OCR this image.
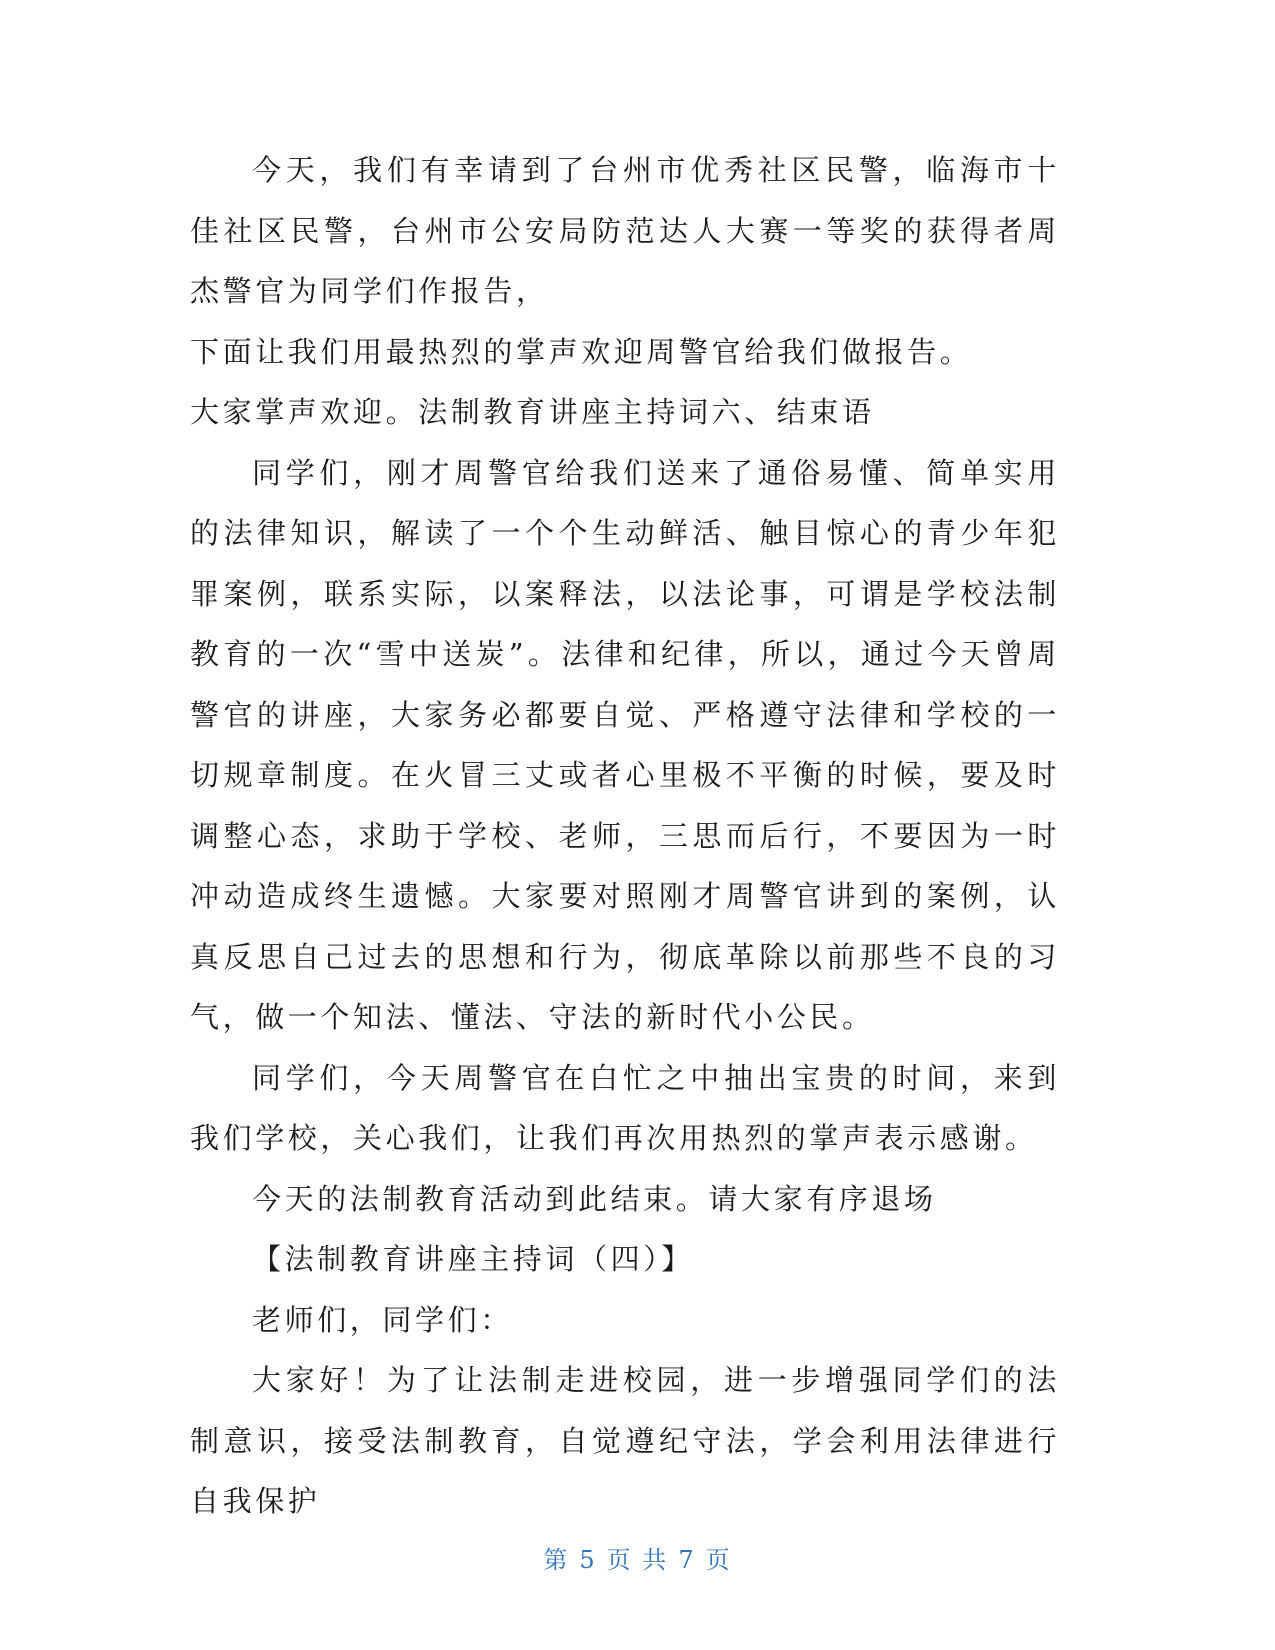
今天，我们有幸请到了台州市优秀社区民警，临海市十佳社区民警，台州市公安局防范达人大赛一等奖的获得者周杰警官为同学们作报告，

下面让我们用最热烈的掌声欢迎周警官给我们做报告。

大家掌声欢迎。法制教育讲座主持词六、结束语

同学们，刚才周警官给我们送来了通俗易懂、简单实用的法律知识，解读了一个个生动鲜活、触目惊心的青少年犯罪案例，联系实际，以案释法，以法论事，可谓是学校法制教育的一次“雪中送炭”。法律和纪律，所以，通过今天曾周警官的讲座，大家务必都要自觉、严格遵守法律和学校的一切规章制度。在火冒三丈或者心里极不平衡的时候，要及时调整心态，求助于学校、老师，三思而后行，不要因为一时冲动造成终生遗憾。大家要对照刚才周警官讲到的案例，认真反思自己过去的思想和行为，彻底革除以前那些不良的习气，做一个知法、懂法、守法的新时代小公民。

同学们，今天周警官在白忙之中抽出宝贵的时间，来到我们学校，关心我们，让我们再次用热烈的掌声表示感谢。

今天的法制教育活动到此结束。请大家有序退场

【法制教育讲座主持词（四）】

老师们，同学们：

大家好！为了让法制走进校园，进一步增强同学们的法制意识，接受法制教育，自觉遵纪守法，学会利用法律进行自我保护

第 5 页 共 7 页
